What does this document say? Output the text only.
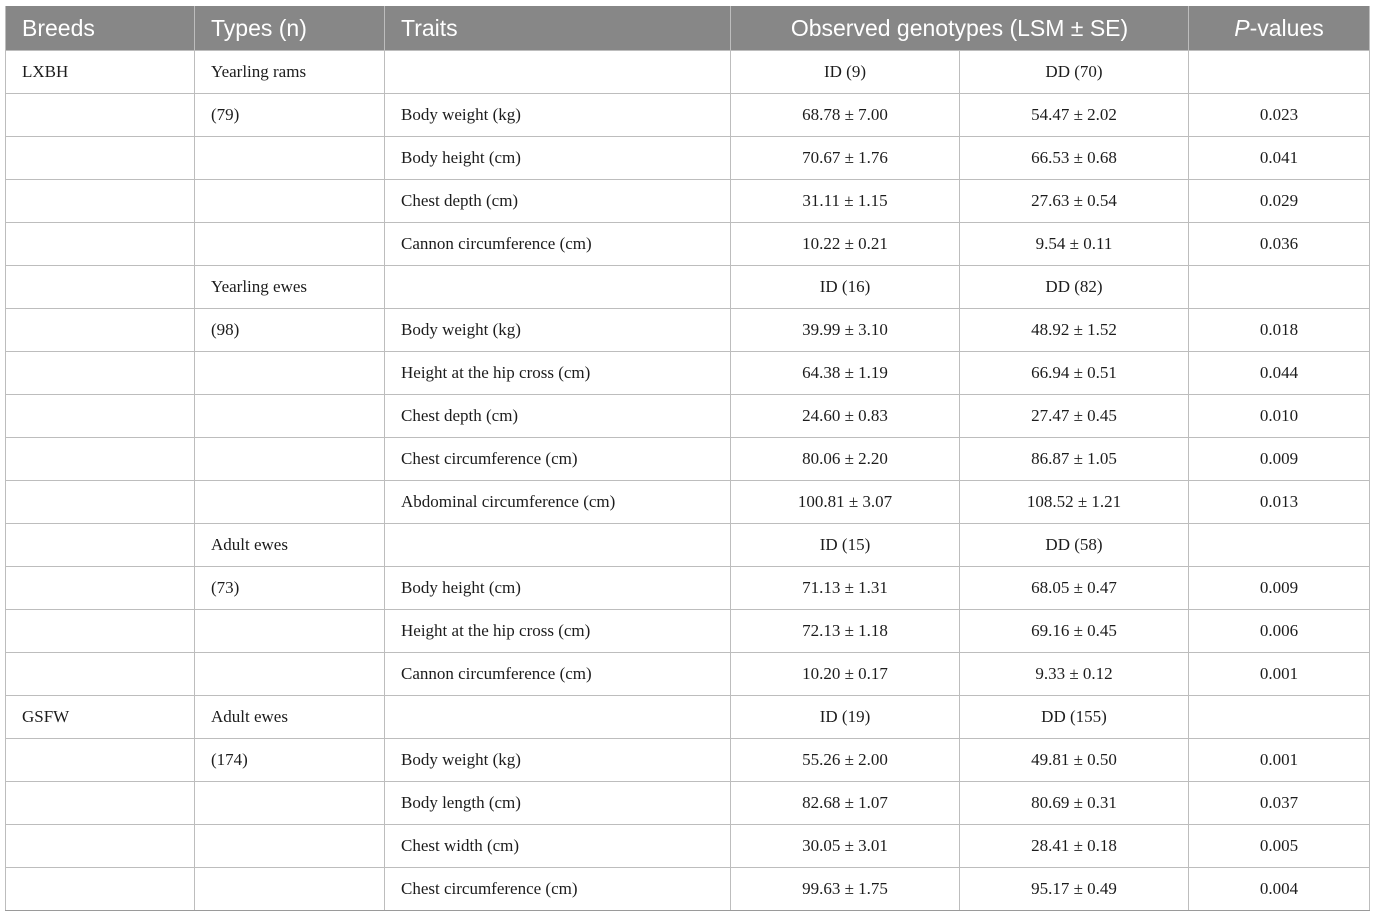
Breeds	Types (n)	Traits	Observed genotypes (LSM ± SE)		P-values
LXBH	Yearling rams		ID (9)	DD (70)	
	(79)	Body weight (kg)	68.78 ± 7.00	54.47 ± 2.02	0.023
		Body height (cm)	70.67 ± 1.76	66.53 ± 0.68	0.041
		Chest depth (cm)	31.11 ± 1.15	27.63 ± 0.54	0.029
		Cannon circumference (cm)	10.22 ± 0.21	9.54 ± 0.11	0.036
	Yearling ewes		ID (16)	DD (82)	
	(98)	Body weight (kg)	39.99 ± 3.10	48.92 ± 1.52	0.018
		Height at the hip cross (cm)	64.38 ± 1.19	66.94 ± 0.51	0.044
		Chest depth (cm)	24.60 ± 0.83	27.47 ± 0.45	0.010
		Chest circumference (cm)	80.06 ± 2.20	86.87 ± 1.05	0.009
		Abdominal circumference (cm)	100.81 ± 3.07	108.52 ± 1.21	0.013
	Adult ewes		ID (15)	DD (58)	
	(73)	Body height (cm)	71.13 ± 1.31	68.05 ± 0.47	0.009
		Height at the hip cross (cm)	72.13 ± 1.18	69.16 ± 0.45	0.006
		Cannon circumference (cm)	10.20 ± 0.17	9.33 ± 0.12	0.001
GSFW	Adult ewes		ID (19)	DD (155)	
	(174)	Body weight (kg)	55.26 ± 2.00	49.81 ± 0.50	0.001
		Body length (cm)	82.68 ± 1.07	80.69 ± 0.31	0.037
		Chest width (cm)	30.05 ± 3.01	28.41 ± 0.18	0.005
		Chest circumference (cm)	99.63 ± 1.75	95.17 ± 0.49	0.004
